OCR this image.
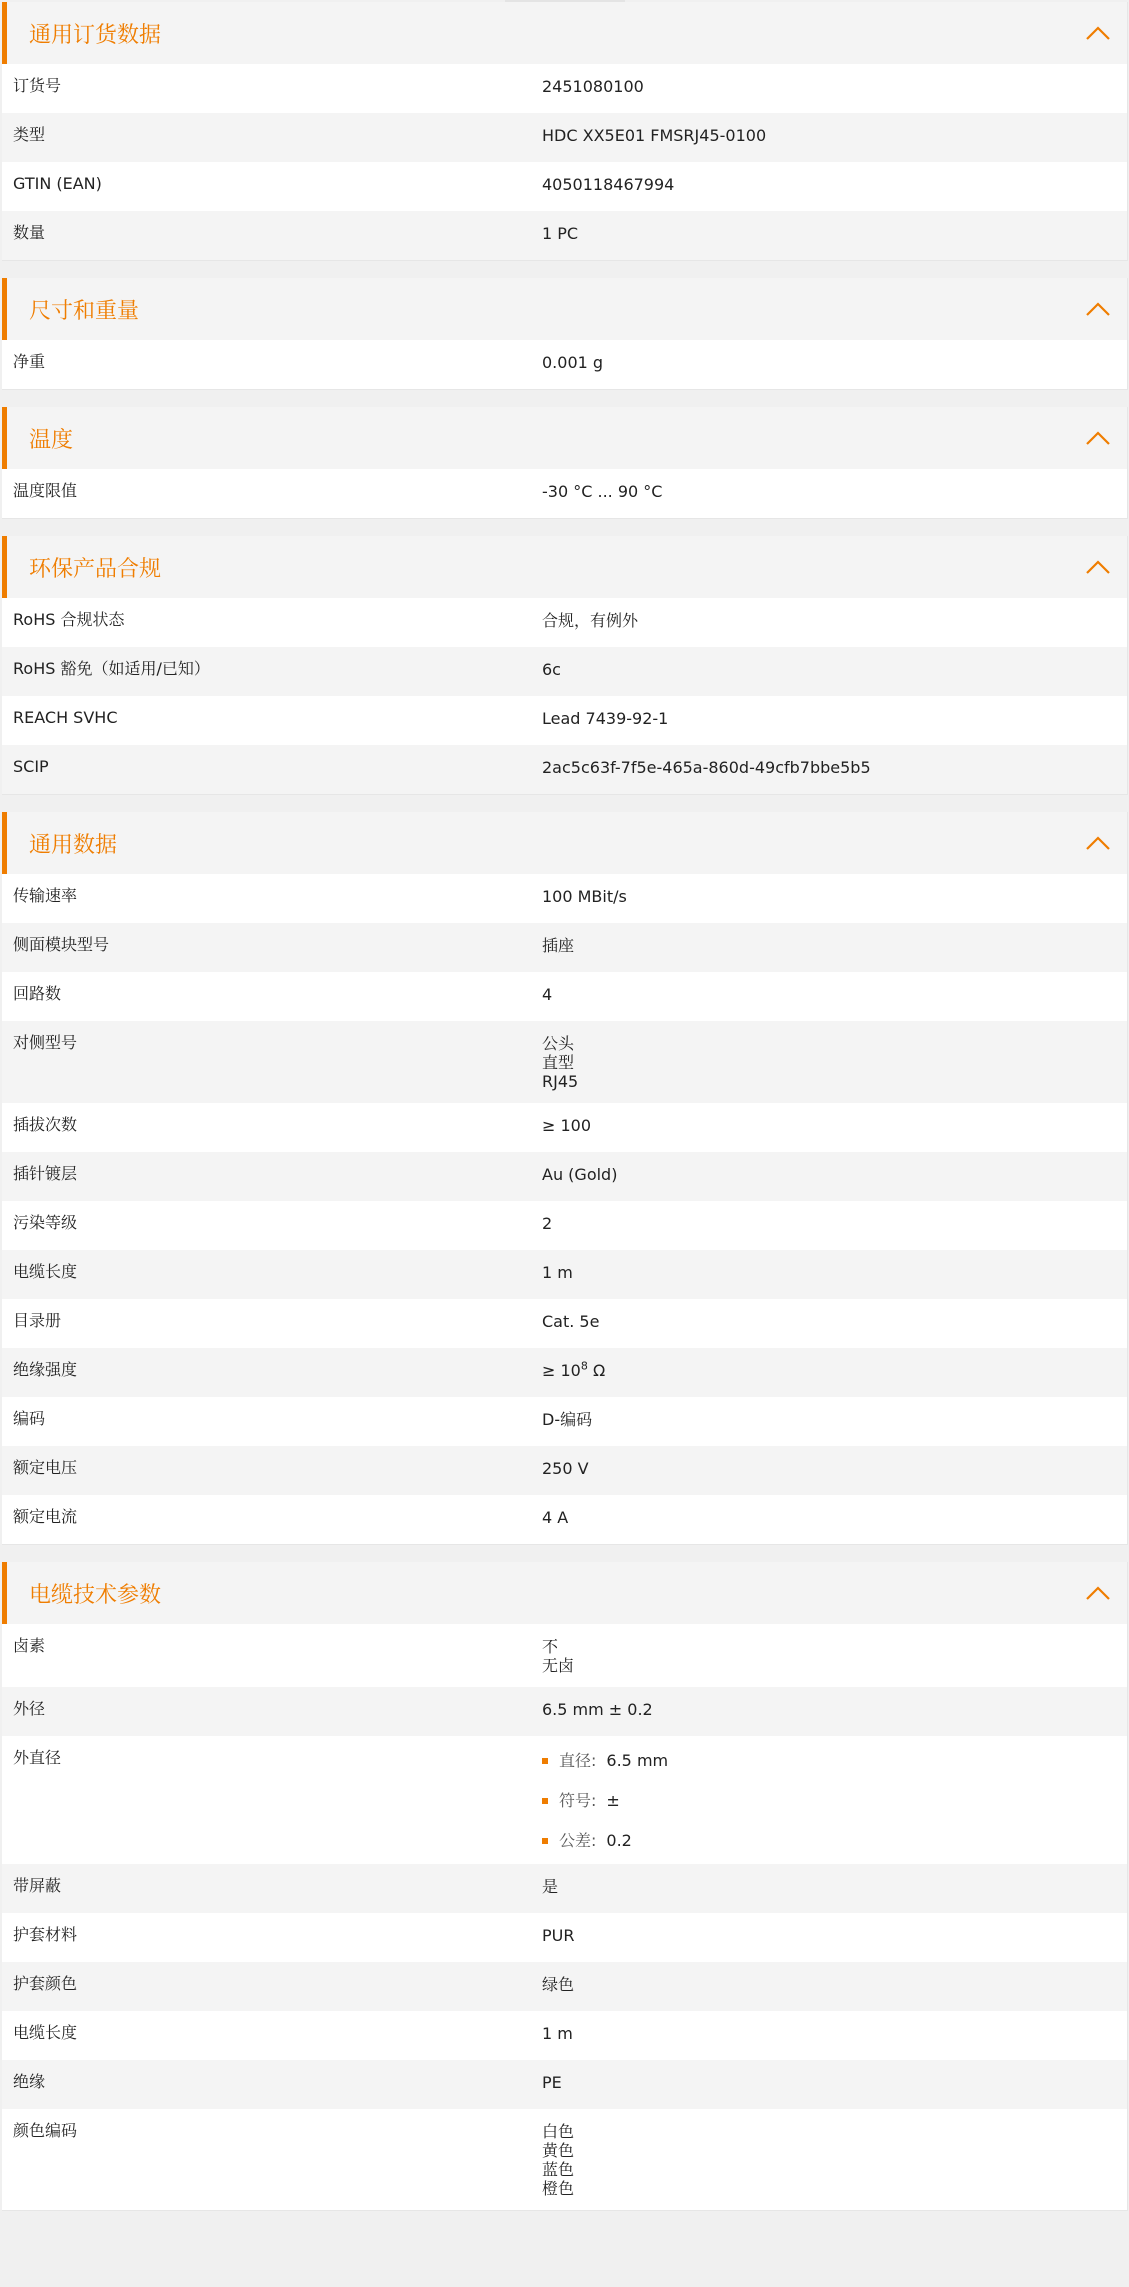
通用订货数据
订货号	2451080100
类型	HDC XX5E01 FMSRJ45-0100
GTIN (EAN)	4050118467994
数量	1 PC
尺寸和重量
净重	0.001 g
温度
温度限值	-30 °C ... 90 °C
环保产品合规
RoHS 合规状态	合规，有例外
RoHS 豁免（如适用/已知）	6c
REACH SVHC	Lead 7439-92-1
SCIP	2ac5c63f-7f5e-465a-860d-49cfb7bbe5b5
通用数据
传输速率	100 MBit/s
侧面模块型号	插座
回路数	4
对侧型号	公头
直型
RJ45
插拔次数	≥ 100
插针镀层	Au (Gold)
污染等级	2
电缆长度	1 m
目录册	Cat. 5e
绝缘强度	≥ $10^8$ Ω
编码	D-编码
额定电压	250 V
额定电流	4 A
电缆技术参数
卤素	不
无卤
外径	6.5 mm ± 0.2
外直径	直径: 6.5 mm
符号: ±
公差: 0.2
带屏蔽	是
护套材料	PUR
护套颜色	绿色
电缆长度	1 m
绝缘	PE
颜色编码	白色
黄色
蓝色
橙色
